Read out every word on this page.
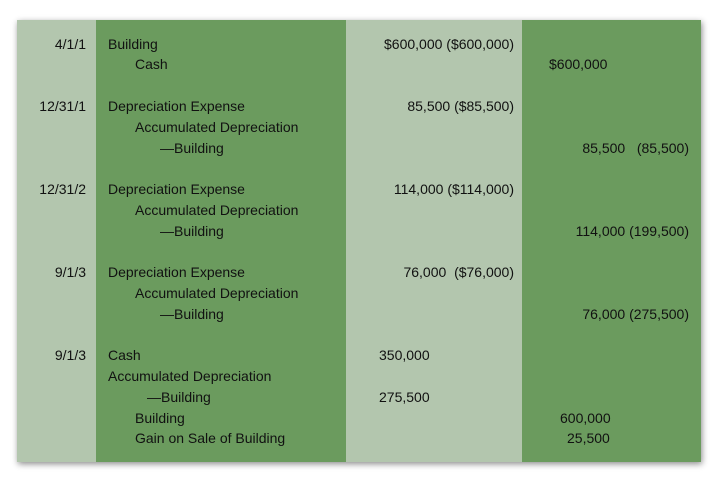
4/1/1 Building
Cash
$600,000 ($600,000)
$600,000
12/31/1 Depreciation Expense
Accumulated Depreciation
—Building
85,500 ($85,500)
85,500   (85,500)
12/31/2 Depreciation Expense
Accumulated Depreciation
—Building
114,000 ($114,000)
114,000 (199,500)
9/1/3 Depreciation Expense
Accumulated Depreciation
—Building
76,000  ($76,000)
76,000 (275,500)
9/1/3 Cash
Accumulated Depreciation
—Building
Building
Gain on Sale of Building
350,000
275,500
600,000
25,500
